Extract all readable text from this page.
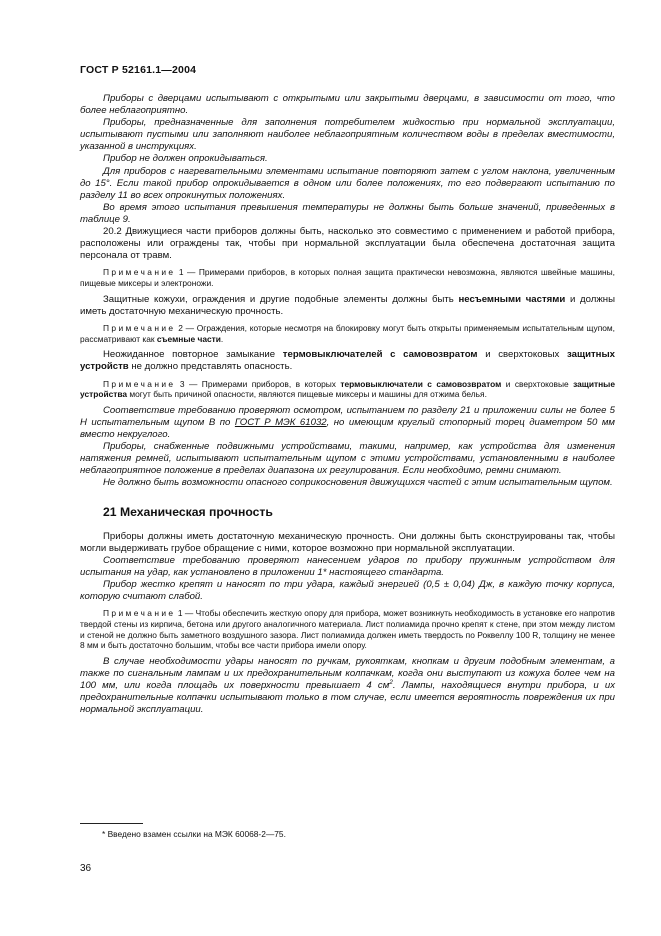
ГОСТ Р 52161.1—2004

Приборы с дверцами испытывают с открытыми или закрытыми дверцами, в зависимости от того, что более неблагоприятно.

Приборы, предназначенные для заполнения потребителем жидкостью при нормальной эксплуатации, испытывают пустыми или заполняют наиболее неблагоприятным количеством воды в пределах вместимости, указанной в инструкциях.

Прибор не должен опрокидываться.

Для приборов с нагревательными элементами испытание повторяют затем с углом наклона, увеличенным до 15°. Если такой прибор опрокидывается в одном или более положениях, то его подвергают испытанию по разделу 11 во всех опрокинутых положениях.

Во время этого испытания превышения температуры не должны быть больше значений, приведенных в таблице 9.

20.2 Движущиеся части приборов должны быть, насколько это совместимо с применением и работой прибора, расположены или ограждены так, чтобы при нормальной эксплуатации была обеспечена достаточная защита персонала от травм.

Примечание 1 — Примерами приборов, в которых полная защита практически невозможна, являются швейные машины, пищевые миксеры и электроножи.

Защитные кожухи, ограждения и другие подобные элементы должны быть несъемными частями и должны иметь достаточную механическую прочность.

Примечание 2 — Ограждения, которые несмотря на блокировку могут быть открыты применяемым испытательным щупом, рассматривают как съемные части.

Неожиданное повторное замыкание термовыключателей с самовозвратом и сверхтоковых защитных устройств не должно представлять опасность.

Примечание 3 — Примерами приборов, в которых термовыключатели с самовозвратом и сверхтоковые защитные устройства могут быть причиной опасности, являются пищевые миксеры и машины для отжима белья.

Соответствие требованию проверяют осмотром, испытанием по разделу 21 и приложении силы не более 5 Н испытательным щупом В по ГОСТ Р МЭК 61032, но имеющим круглый стопорный торец диаметром 50 мм вместо некруглого.

Приборы, снабженные подвижными устройствами, такими, например, как устройства для изменения натяжения ремней, испытывают испытательным щупом с этими устройствами, установленными в наиболее неблагоприятное положение в пределах диапазона их регулирования. Если необходимо, ремни снимают.

Не должно быть возможности опасного соприкосновения движущихся частей с этим испытательным щупом.

21 Механическая прочность

Приборы должны иметь достаточную механическую прочность. Они должны быть сконструированы так, чтобы могли выдерживать грубое обращение с ними, которое возможно при нормальной эксплуатации.

Соответствие требованию проверяют нанесением ударов по прибору пружинным устройством для испытания на удар, как установлено в приложении 1* настоящего стандарта.

Прибор жестко крепят и наносят по три удара, каждый энергией (0,5 ± 0,04) Дж, в каждую точку корпуса, которую считают слабой.

Примечание 1 — Чтобы обеспечить жесткую опору для прибора, может возникнуть необходимость в установке его напротив твердой стены из кирпича, бетона или другого аналогичного материала. Лист полиамида прочно крепят к стене, при этом между листом и стеной не должно быть заметного воздушного зазора. Лист полиамида должен иметь твердость по Роквеллу 100 R, толщину не менее 8 мм и быть достаточно большим, чтобы все части прибора имели опору.

В случае необходимости удары наносят по ручкам, рукояткам, кнопкам и другим подобным элементам, а также по сигнальным лампам и их предохранительным колпачкам, когда они выступают из кожуха более чем на 100 мм, или когда площадь их поверхности превышает 4 $см^2$. Лампы, находящиеся внутри прибора, и их предохранительные колпачки испытывают только в том случае, если имеется вероятность повреждения их при нормальной эксплуатации.

* Введено взамен ссылки на МЭК 60068-2—75.
36
